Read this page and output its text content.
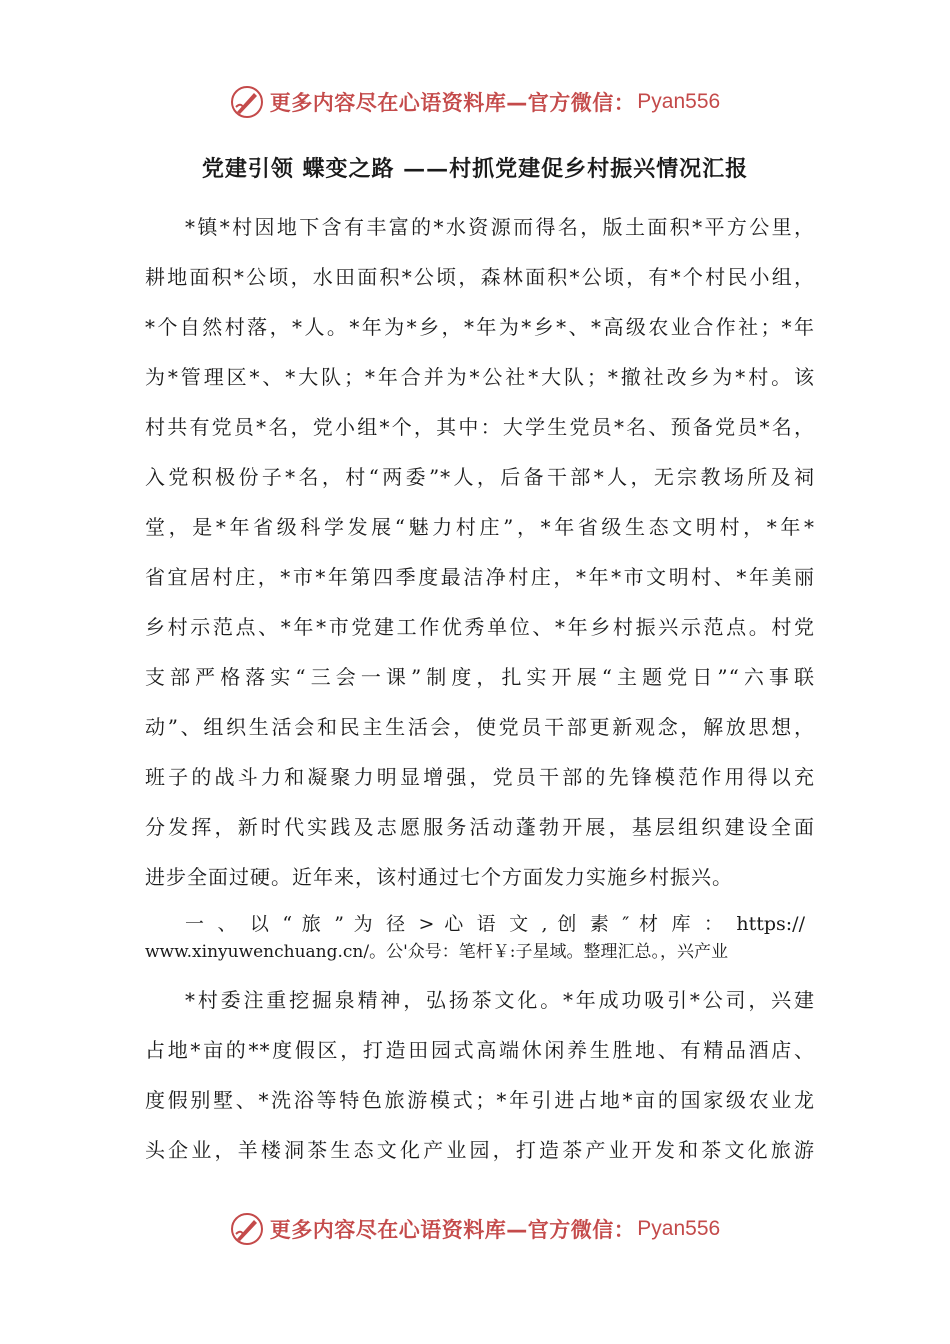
更多内容尽在心语资料库—官方微信： Pyan556
党建引领 蝶变之路 ——村抓党建促乡村振兴情况汇报
*镇*村因地下含有丰富的*水资源而得名，版土面积*平方公里，
耕地面积*公顷，水田面积*公顷，森林面积*公顷，有*个村民小组，
*个自然村落，*人。*年为*乡，*年为*乡*、*高级农业合作社；*年
为*管理区*、*大队；*年合并为*公社*大队；*撤社改乡为*村。该
村共有党员*名，党小组*个，其中：大学生党员*名、预备党员*名，
入党积极份子*名，村“两委”*人，后备干部*人，无宗教场所及祠
堂，是*年省级科学发展“魅力村庄”，*年省级生态文明村，*年*
省宜居村庄，*市*年第四季度最洁净村庄，*年*市文明村、*年美丽
乡村示范点、*年*市党建工作优秀单位、*年乡村振兴示范点。村党
支部严格落实“三会一课”制度，扎实开展“主题党日”“六事联
动”、组织生活会和民主生活会，使党员干部更新观念，解放思想，
班子的战斗力和凝聚力明显增强，党员干部的先锋模范作用得以充
分发挥，新时代实践及志愿服务活动蓬勃开展，基层组织建设全面
进步全面过硬。近年来，该村通过七个方面发力实施乡村振兴。
一 、 以 “ 旅 ” 为 径 > 心 语 文 , 创 素 ″ 材 库 ： https://
www.xinyuwenchuang.cn/。公'众号：笔杆￥:子星域。整理汇总。，兴产业
*村委注重挖掘泉精神，弘扬茶文化。*年成功吸引*公司，兴建
占地*亩的**度假区，打造田园式高端休闲养生胜地、有精品酒店、
度假别墅、*洗浴等特色旅游模式；*年引进占地*亩的国家级农业龙
头企业，羊楼洞茶生态文化产业园，打造茶产业开发和茶文化旅游
更多内容尽在心语资料库—官方微信： Pyan556
